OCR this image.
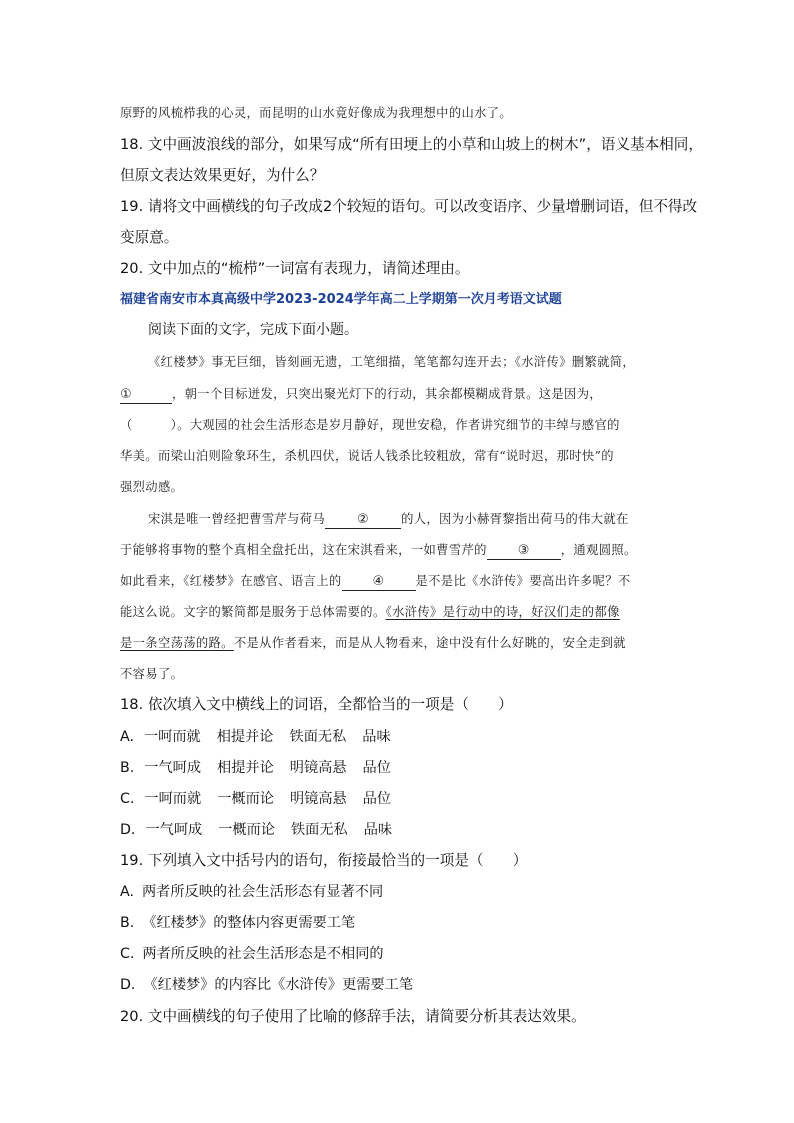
原野的风梳栉我的心灵，而昆明的山水竟好像成为我理想中的山水了。
18. 文中画波浪线的部分，如果写成“所有田埂上的小草和山坡上的树木”，语义基本相同，
但原文表达效果更好，为什么？
19. 请将文中画横线的句子改成2个较短的语句。可以改变语序、少量增删词语，但不得改
变原意。
20. 文中加点的“梳栉”一词富有表现力，请简述理由。
福建省南安市本真高级中学2023-2024学年高二上学期第一次月考语文试题
阅读下面的文字，完成下面小题。
《红楼梦》事无巨细，皆刻画无遗，工笔细描，笔笔都勾连开去；《水浒传》删繁就简，
①	，朝一个目标迸发，只突出聚光灯下的行动，其余都模糊成背景。这是因为，
（　　　）。大观园的社会生活形态是岁月静好，现世安稳，作者讲究细节的丰绰与感官的
华美。而梁山泊则险象环生，杀机四伏，说话人钱杀比较粗放，常有“说时迟，那时快”的
强烈动感。
宋淇是唯一曾经把曹雪芹与荷马 ②	的人，因为小赫胥黎指出荷马的伟大就在
于能够将事物的整个真相全盘托出，这在宋淇看来，一如曹雪芹的 ③	，通观圆照。
如此看来，《红楼梦》在感官、语言上的 ④	是不是比《水浒传》要高出许多呢？不
能这么说。文字的繁简都是服务于总体需要的。《水浒传》是行动中的诗，好汉们走的都像
是一条空荡荡的路。不是从作者看来，而是从人物看来，途中没有什么好眺的，安全走到就
不容易了。
18. 依次填入文中横线上的词语，全都恰当的一项是（　　）
A. 一呵而就 相提并论 铁面无私 品味
B. 一气呵成 相提并论 明镜高悬 品位
C. 一呵而就 一概而论 明镜高悬 品位
D. 一气呵成 一概而论 铁面无私 品味
19. 下列填入文中括号内的语句，衔接最恰当的一项是（　　）
A. 两者所反映的社会生活形态有显著不同
B. 《红楼梦》的整体内容更需要工笔
C. 两者所反映的社会生活形态是不相同的
D. 《红楼梦》的内容比《水浒传》更需要工笔
20. 文中画横线的句子使用了比喻的修辞手法，请简要分析其表达效果。
